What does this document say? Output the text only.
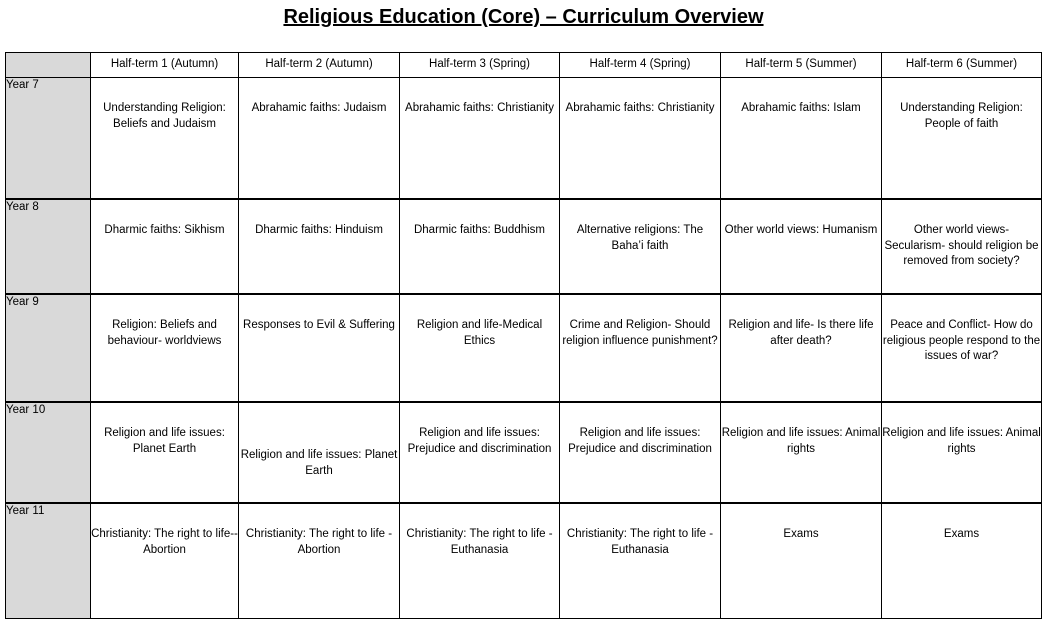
Religious Education (Core) – Curriculum Overview
	Half-term 1 (Autumn)	Half-term 2 (Autumn)	Half-term 3 (Spring)	Half-term 4 (Spring)	Half-term 5 (Summer)	Half-term 6 (Summer)
Year 7	Understanding Religion: Beliefs and Judaism	Abrahamic faiths: Judaism	Abrahamic faiths: Christianity	Abrahamic faiths: Christianity	Abrahamic faiths: Islam	Understanding Religion: People of faith

Year 8	Dharmic faiths: Sikhism	Dharmic faiths: Hinduism	Dharmic faiths: Buddhism	Alternative religions: The Baha’i faith	Other world views: Humanism	Other world views- Secularism- should religion be removed from society?

Year 9	Religion: Beliefs and behaviour- worldviews	Responses to Evil & Suffering	Religion and life-Medical Ethics	Crime and Religion- Should religion influence punishment?	Religion and life- Is there life after death?	Peace and Conflict- How do religious people respond to the issues of war?

Year 10	Religion and life issues: Planet Earth	Religion and life issues: Planet Earth	Religion and life issues: Prejudice and discrimination	Religion and life issues: Prejudice and discrimination	Religion and life issues: Animal rights	Religion and life issues: Animal rights

Year 11	Christianity: The right to life--Abortion	Christianity: The right to life -Abortion	Christianity: The right to life -Euthanasia	Christianity: The right to life -Euthanasia	Exams	Exams
